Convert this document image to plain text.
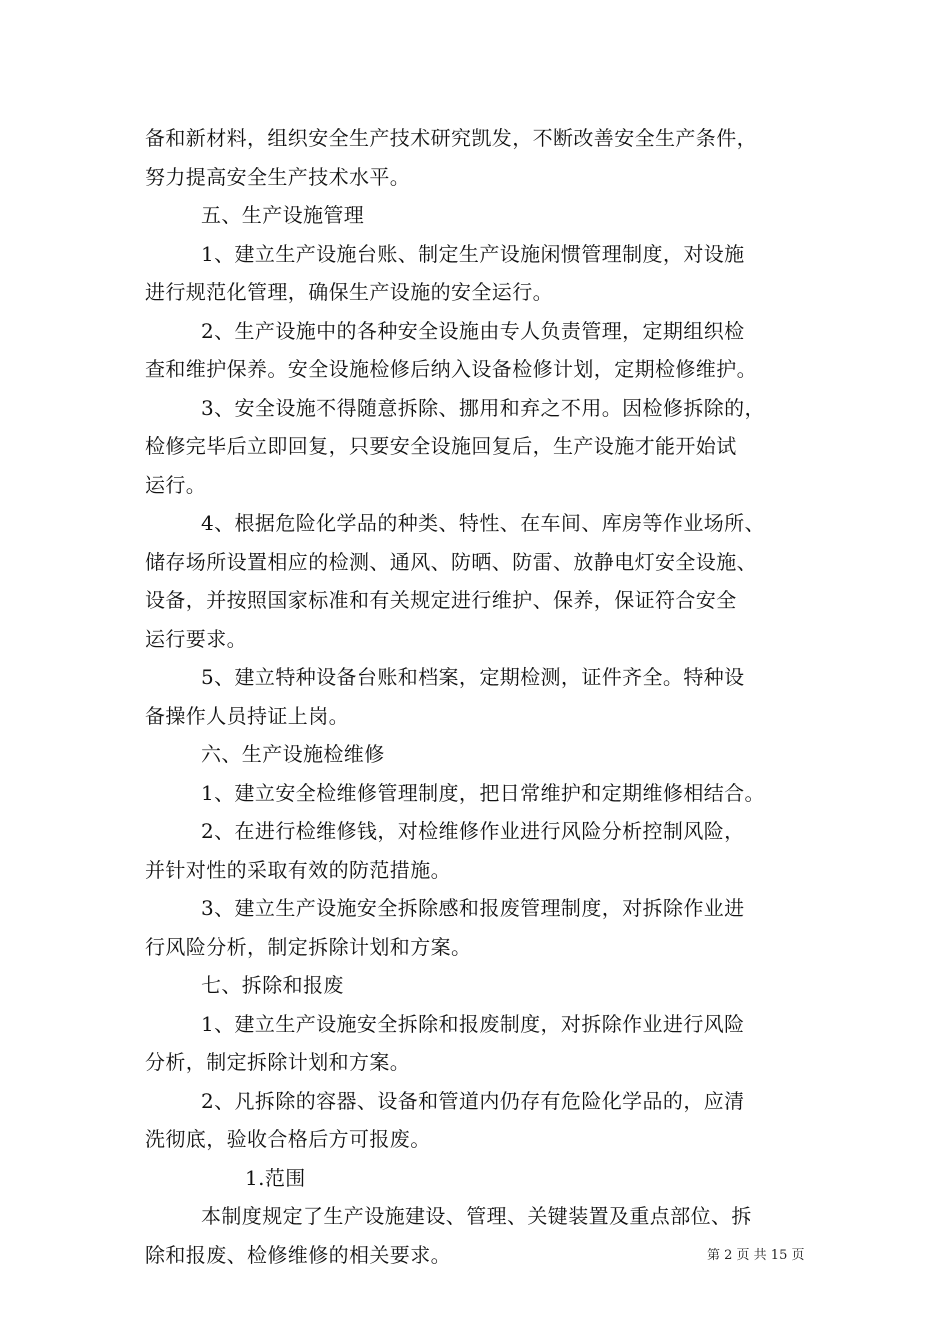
备和新材料，组织安全生产技术研究凯发，不断改善安全生产条件，
努力提高安全生产技术水平。
五、生产设施管理
1、建立生产设施台账、制定生产设施闲惯管理制度，对设施
进行规范化管理，确保生产设施的安全运行。
2、生产设施中的各种安全设施由专人负责管理，定期组织检
查和维护保养。安全设施检修后纳入设备检修计划，定期检修维护。
3、安全设施不得随意拆除、挪用和弃之不用。因检修拆除的，
检修完毕后立即回复，只要安全设施回复后，生产设施才能开始试
运行。
4、根据危险化学品的种类、特性、在车间、库房等作业场所、
储存场所设置相应的检测、通风、防晒、防雷、放静电灯安全设施、
设备，并按照国家标准和有关规定进行维护、保养，保证符合安全
运行要求。
5、建立特种设备台账和档案，定期检测，证件齐全。特种设
备操作人员持证上岗。
六、生产设施检维修
1、建立安全检维修管理制度，把日常维护和定期维修相结合。
2、在进行检维修钱，对检维修作业进行风险分析控制风险，
并针对性的采取有效的防范措施。
3、建立生产设施安全拆除感和报废管理制度，对拆除作业进
行风险分析，制定拆除计划和方案。
七、拆除和报废
1、建立生产设施安全拆除和报废制度，对拆除作业进行风险
分析，制定拆除计划和方案。
2、凡拆除的容器、设备和管道内仍存有危险化学品的，应清
洗彻底，验收合格后方可报废。
1.范围
本制度规定了生产设施建设、管理、关键装置及重点部位、拆
除和报废、检修维修的相关要求。	第 2 页 共 15 页
